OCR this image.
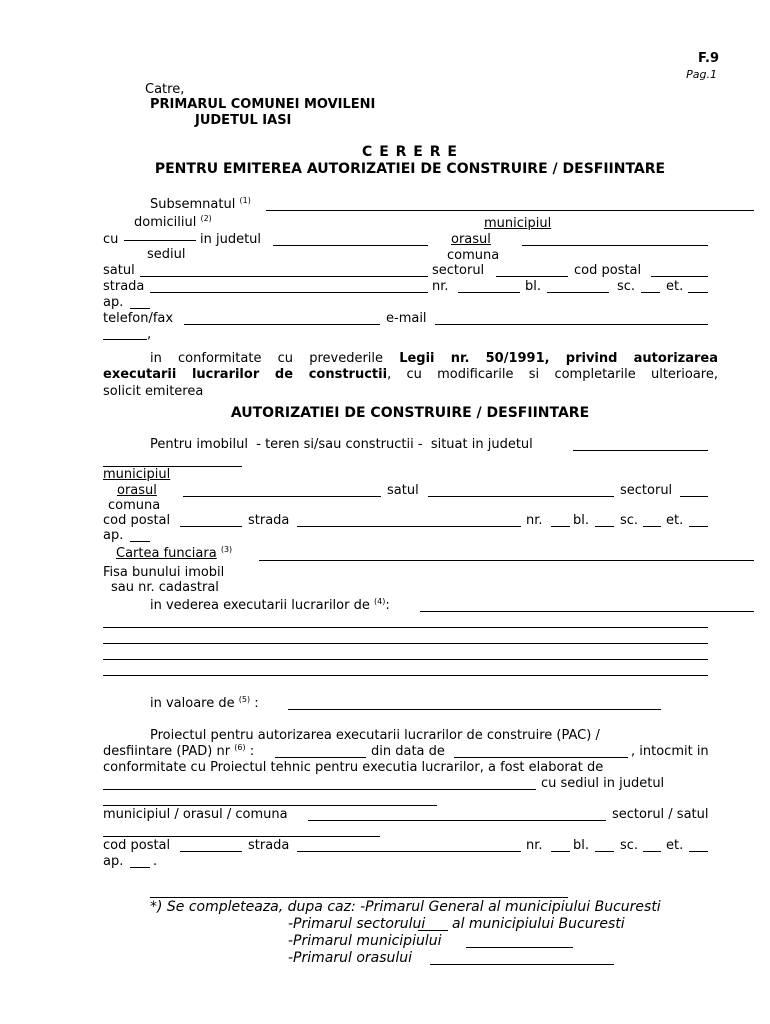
F.9
Pag.1
Catre,
PRIMARUL COMUNEI MOVILENI
JUDETUL IASI
C E R E R E
PENTRU EMITEREA AUTORIZATIEI DE CONSTRUIRE / DESFIINTARE
Subsemnatul $^{(1)}$
domiciliul $^{(2)}$	municipiul
cu	in judetul	orasul
sediul	comuna
satul	sectorul	cod postal
strada	nr.	bl.	sc. et.
ap.
telefon/fax	e-mail
,
in conformitate cu prevederile Legii nr. 50/1991, privind autorizarea
executarii lucrarilor de constructii, cu modificarile si completarile ulterioare,
solicit emiterea
AUTORIZATIEI DE CONSTRUIRE / DESFIINTARE
Pentru imobilul  - teren si/sau constructii -  situat in judetul
municipiul
orasul	satul	sectorul
comuna
cod postal	strada	nr. bl. sc. et.
ap.
Cartea funciara $^{(3)}$
Fisa bunului imobil
sau nr. cadastral
in vederea executarii lucrarilor de $^{(4)}$:
in valoare de $^{(5)}$ :
Proiectul pentru autorizarea executarii lucrarilor de construire (PAC) /
desfiintare (PAD) nr $^{(6)}$ :	din data de	, intocmit in
conformitate cu Proiectul tehnic pentru executia lucrarilor, a fost elaborat de
cu sediul in judetul
municipiul / orasul / comuna	sectorul / satul
cod postal	strada	nr. bl. sc. et.
ap. .
*) Se completeaza, dupa caz: -Primarul General al municipiului Bucuresti
-Primarul sectorului al municipiului Bucuresti
-Primarul municipiului
-Primarul orasului
